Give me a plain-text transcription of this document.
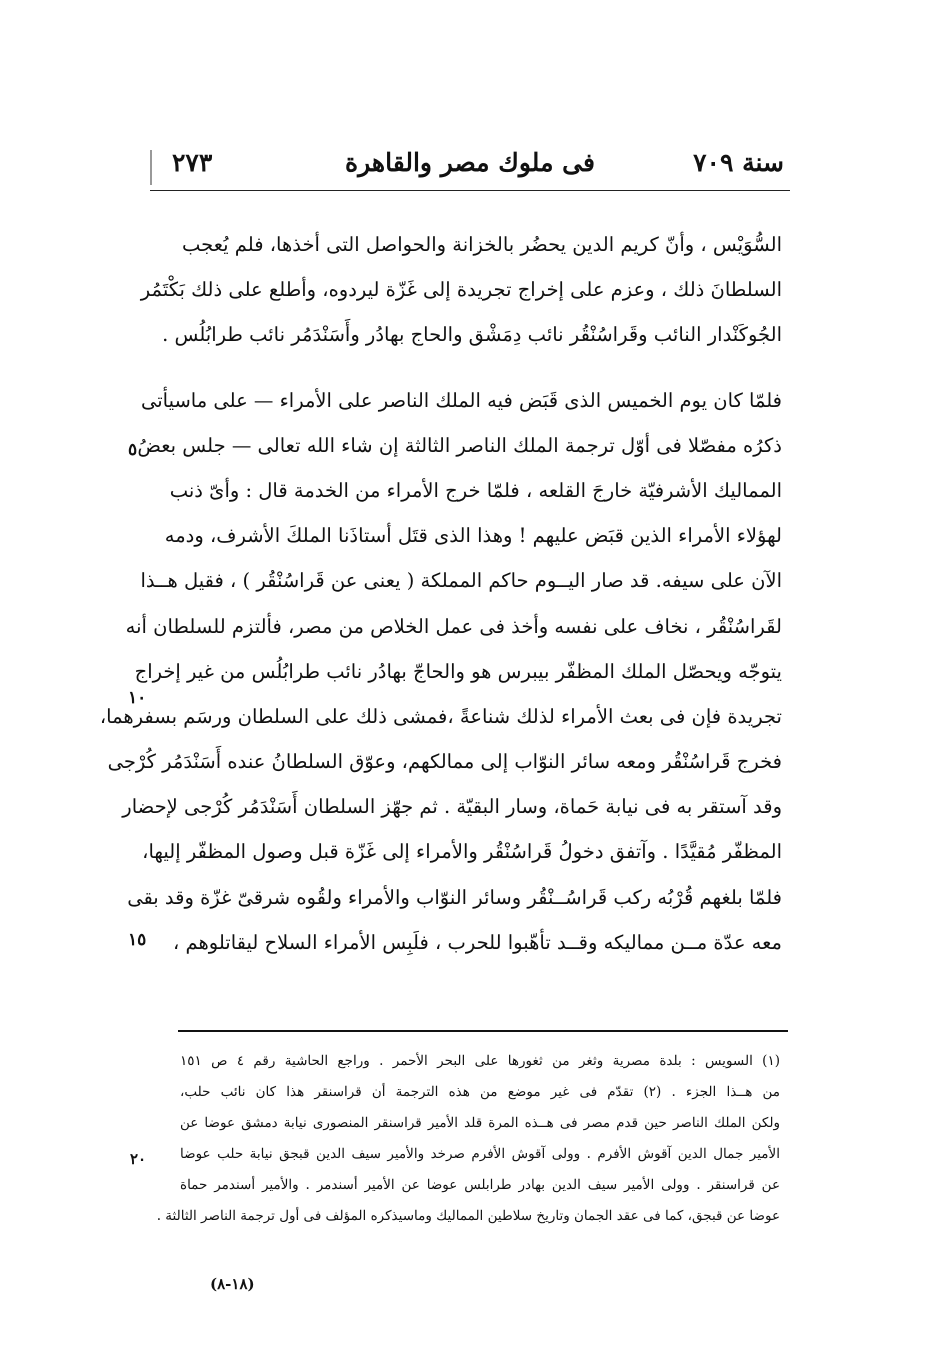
سنة ٧٠٩
فى ملوك مصر والقاهرة
٢٧٣
السُّوَيْس ، وأنّ كريم الدين يحضُر بالخزانة والحواصل التى أخذها، فلم يُعجب
السلطانَ ذلك ، وعزم على إخراج تجريدة إلى غَزّة ليردوه، وأطلع على ذلك بَكْتَمُر
الجُوكَنْدار النائب وقَراسُنْقُر نائب دِمَشْق والحاج بهادُر وأَسَنْدَمُر نائب طرابُلُس .
فلمّا كان يوم الخميس الذى قَبَض فيه الملك الناصر على الأمراء — على ماسيأتى
ذكرُه مفصّلا فى أوّل ترجمة الملك الناصر الثالثة إن شاء الله تعالى — جلس بعضُ
المماليك الأشرفيّة خارجَ القلعه ، فلمّا خرج الأمراء من الخدمة قال : وأىّ ذنب
لهؤلاء الأمراء الذين قبَض عليهم ! وهذا الذى قتَل أستاذَنا الملكَ الأشرف، ودمه
الآن على سيفه. قد صار اليــوم حاكم المملكة ( يعنى عن قَراسُنْقُر ) ، فقيل هــذا
لقَراسُنْقُر ، نخاف على نفسه وأخذ فى عمل الخلاص من مصر، فألتزم للسلطان أنه
يتوجّه ويحصّل الملك المظفّر بيبرس هو والحاجّ بهادُر نائب طرابُلُس من غير إخراج
تجريدة فإن فى بعث الأمراء لذلك شناعةً ،فمشى ذلك على السلطان ورسَم بسفرهما،
فخرج قَراسُنْقُر ومعه سائر النوّاب إلى ممالكهم، وعوّق السلطانُ عنده أَسَنْدَمُر كُرْجى
وقد آستقر به فى نيابة حَماة، وسار البقيّة . ثم جهّز السلطان أَسَنْدَمُر كُرْجى لإحضار
المظفّر مُقيَّدًا . وآتفق دخولُ قَراسُنْقُر والأمراء إلى غَزّة قبل وصول المظفّر إليها،
فلمّا بلغهم قُرْبُه ركب قَراسُــنْقُر وسائر النوّاب والأمراء ولقُوه شرقىّ غزّة وقد بقى
معه عدّة مــن مماليكه وقــد تأهّبوا للحرب ، فلَبِس الأمراء السلاح ليقاتلوهم ،
٥
١٠
١٥
(١) السويس : بلدة مصرية وثغر من ثغورها على البحر الأحمر . وراجع الحاشية رقم ٤ ص ١٥١
من هــذا الجزء . (٢) تقدّم فى غير موضع من هذه الترجمة أن قراسنقر هذا كان نائب حلب،
ولكن الملك الناصر حين قدم مصر فى هــذه المرة قلد الأمير قراسنقر المنصورى نيابة دمشق عوضا عن
الأمير جمال الدين آقوش الأفرم . وولى آقوش الأفرم صرخد والأمير سيف الدين قبجق نيابة حلب عوضا
عن قراسنقر . وولى الأمير سيف الدين بهادر طرابلس عوضا عن الأمير أسندمر . والأمير أسندمر حماة
عوضا عن قبجق، كما فى عقد الجمان وتاريخ سلاطين المماليك وماسيذكره المؤلف فى أول ترجمة الناصر الثالثة .
٢٠
(١٨-٨)
